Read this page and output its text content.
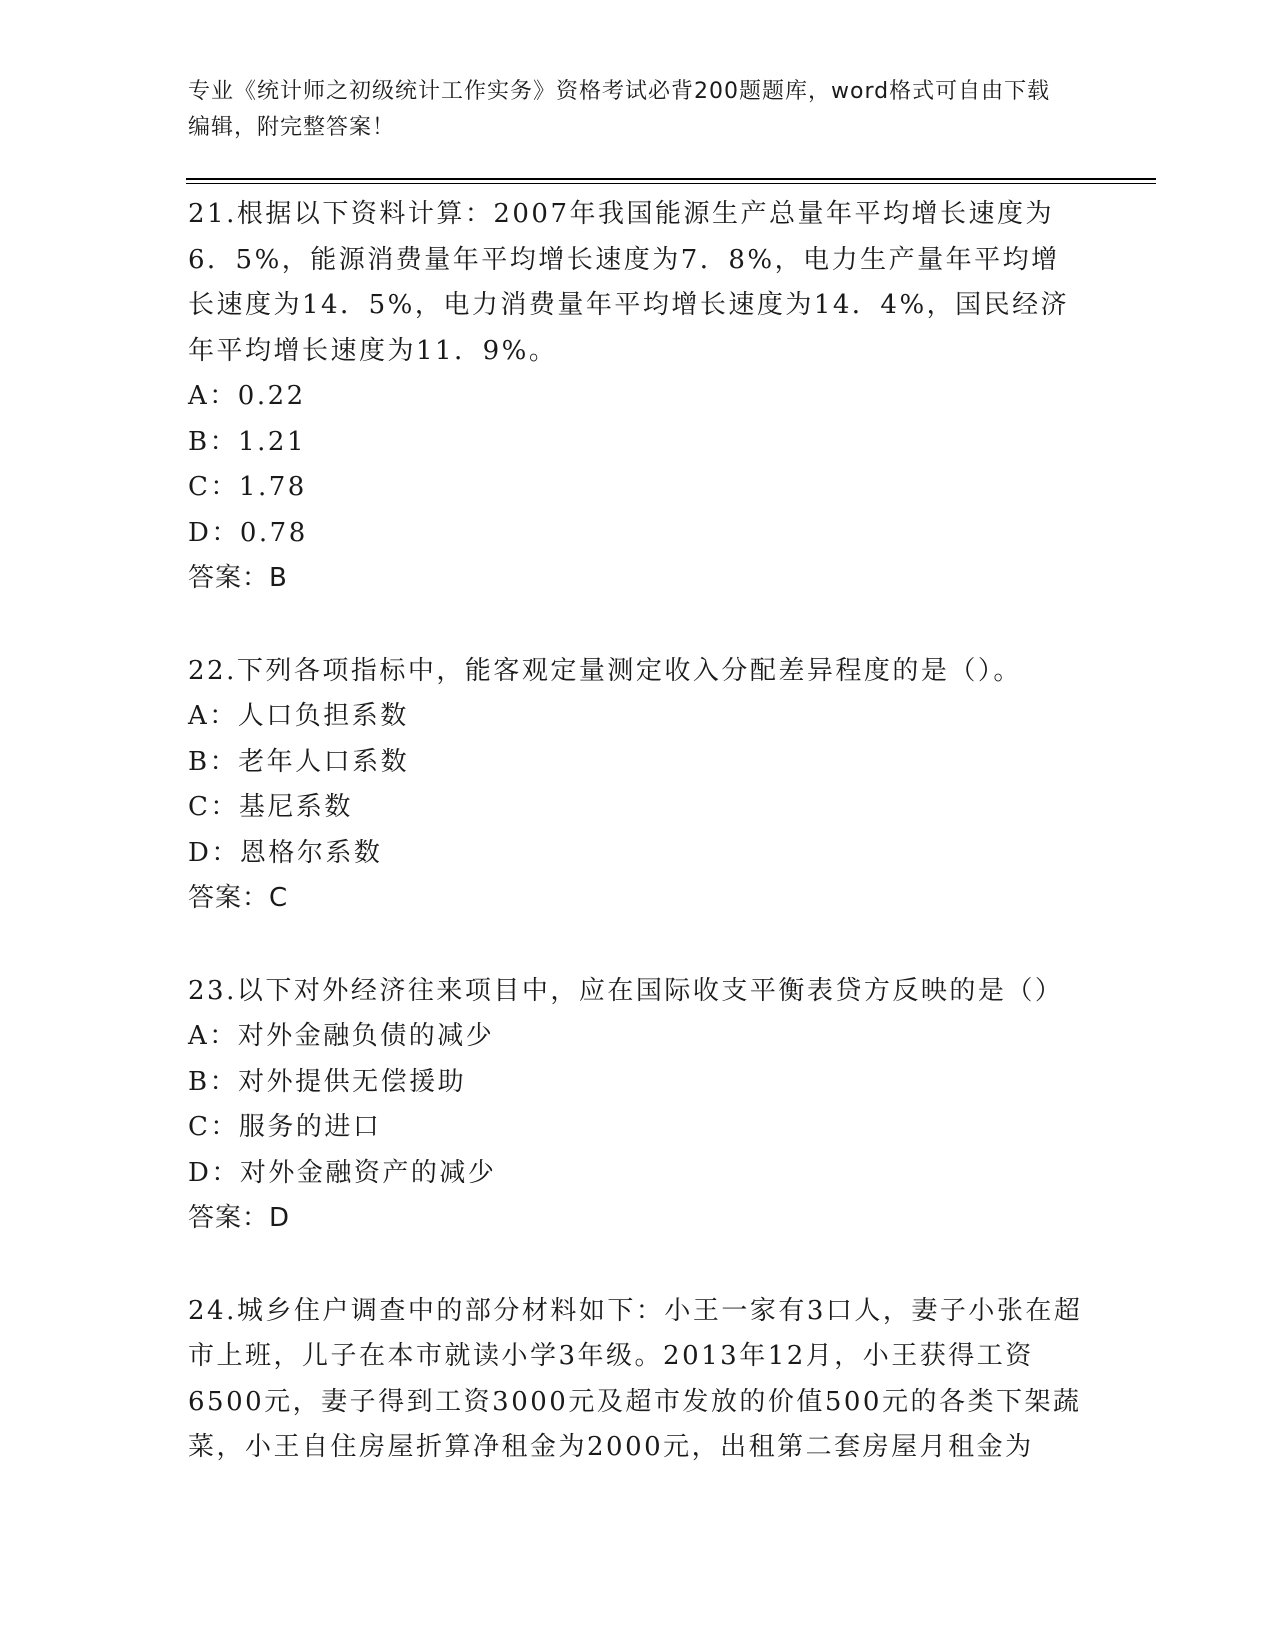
专业《统计师之初级统计工作实务》资格考试必背200题题库，word格式可自由下载编辑，附完整答案！

21.根据以下资料计算：2007年我国能源生产总量年平均增长速度为6．5%，能源消费量年平均增长速度为7．8%，电力生产量年平均增长速度为14．5%，电力消费量年平均增长速度为14．4%，国民经济年平均增长速度为11．9%。

A：0.22
B：1.21
C：1.78
D：0.78
答案：B

22.下列各项指标中，能客观定量测定收入分配差异程度的是（）。

A：人口负担系数
B：老年人口系数
C：基尼系数
D：恩格尔系数
答案：C

23.以下对外经济往来项目中，应在国际收支平衡表贷方反映的是（）

A：对外金融负债的减少
B：对外提供无偿援助
C：服务的进口
D：对外金融资产的减少
答案：D

24.城乡住户调查中的部分材料如下：小王一家有3口人，妻子小张在超市上班，儿子在本市就读小学3年级。2013年12月，小王获得工资6500元，妻子得到工资3000元及超市发放的价值500元的各类下架蔬菜，小王自住房屋折算净租金为2000元，出租第二套房屋月租金为
